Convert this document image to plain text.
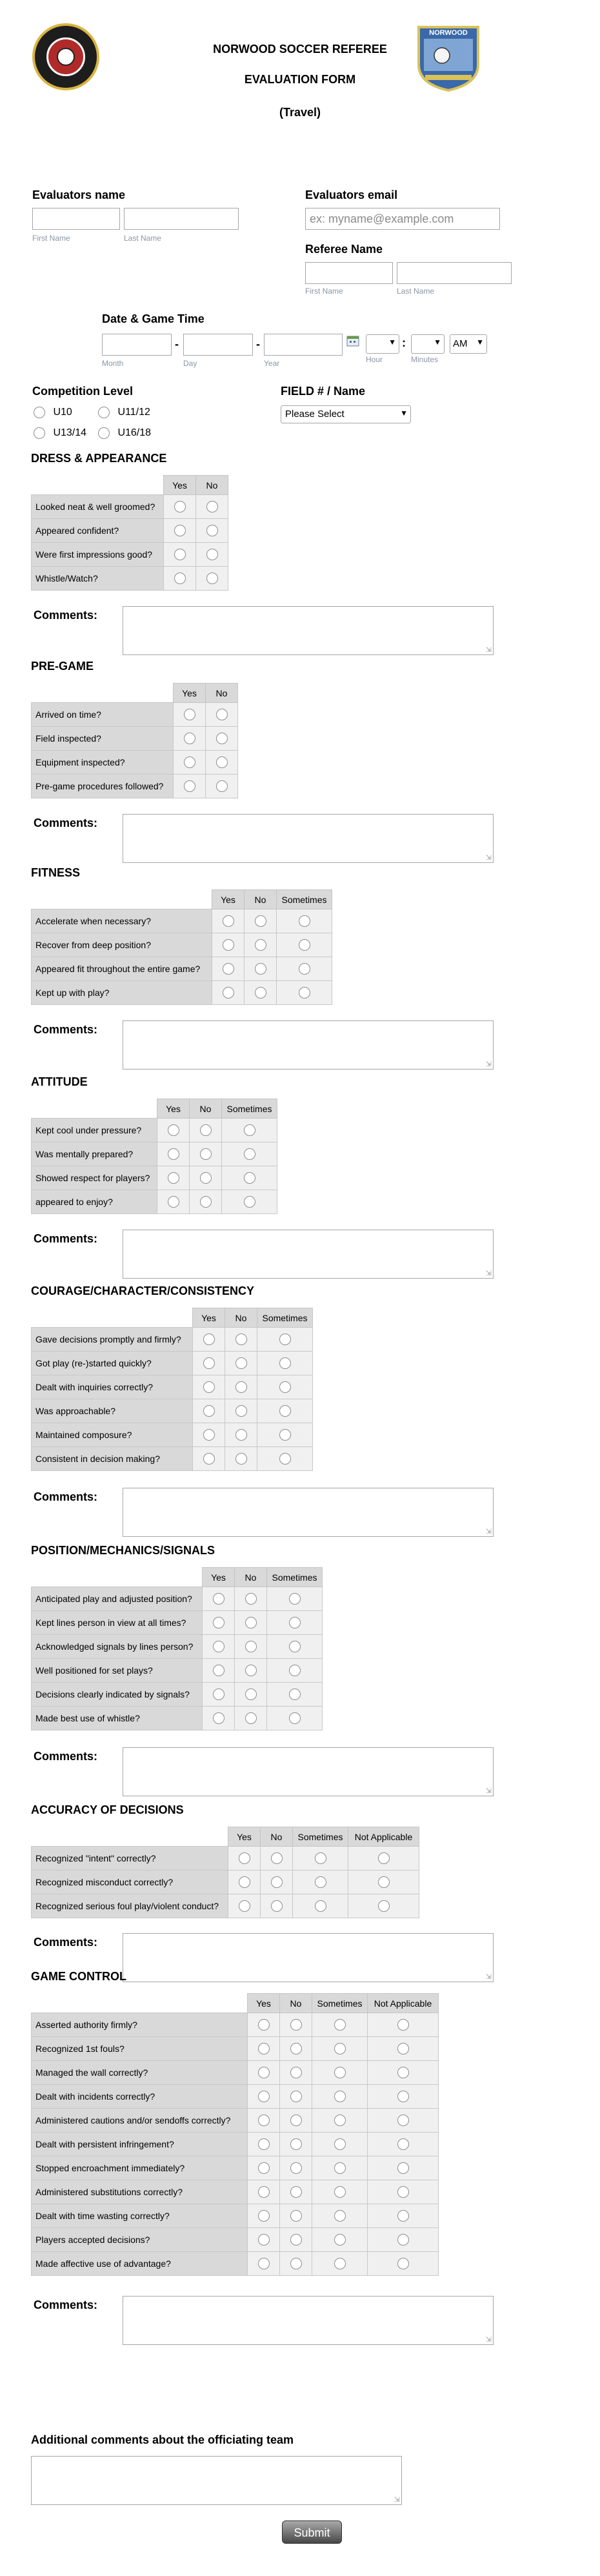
NORWOOD
NORWOOD SOCCER REFEREE
EVALUATION FORM
(Travel)
Evaluators name
First Name	Last Name
Evaluators email
ex: myname@example.com
Referee Name
First Name	Last Name
Date & Game Time
-	-	▼ :	▼	AM ▼
Month	Day	Year	Hour	Minutes
Competition Level
U10	U11/12
U13/14	U16/18
FIELD # / Name
Please Select	▼
DRESS & APPEARANCE
	Yes	No
Looked neat & well groomed?		
Appeared confident?		
Were first impressions good?		
Whistle/Watch?		
Comments:
⇲
PRE-GAME
	Yes	No
Arrived on time?		
Field inspected?		
Equipment inspected?		
Pre-game procedures followed?		
Comments:
⇲
FITNESS
	Yes	No	Sometimes
Accelerate when necessary?			
Recover from deep position?			
Appeared fit throughout the entire game?			
Kept up with play?			
Comments:
⇲
ATTITUDE
	Yes	No	Sometimes
Kept cool under pressure?			
Was mentally prepared?			
Showed respect for players?			
appeared to enjoy?			
Comments:
⇲
COURAGE/CHARACTER/CONSISTENCY
	Yes	No	Sometimes
Gave decisions promptly and firmly?			
Got play (re-)started quickly?			
Dealt with inquiries correctly?			
Was approachable?			
Maintained composure?			
Consistent in decision making?			
Comments:
⇲
POSITION/MECHANICS/SIGNALS
	Yes	No	Sometimes
Anticipated play and adjusted position?			
Kept lines person in view at all times?			
Acknowledged signals by lines person?			
Well positioned for set plays?			
Decisions clearly indicated by signals?			
Made best use of whistle?			
Comments:
⇲
ACCURACY OF DECISIONS
	Yes	No	Sometimes	Not Applicable
Recognized "intent" correctly?				
Recognized misconduct correctly?				
Recognized serious foul play/violent conduct?				
Comments:
⇲
GAME CONTROL
	Yes	No	Sometimes	Not Applicable
Asserted authority firmly?				
Recognized 1st fouls?				
Managed the wall correctly?				
Dealt with incidents correctly?				
Administered cautions and/or sendoffs correctly?				
Dealt with persistent infringement?				
Stopped encroachment immediately?				
Administered substitutions correctly?				
Dealt with time wasting correctly?				
Players accepted decisions?				
Made affective use of advantage?				
Comments:
⇲
Additional comments about the officiating team
⇲
Submit
